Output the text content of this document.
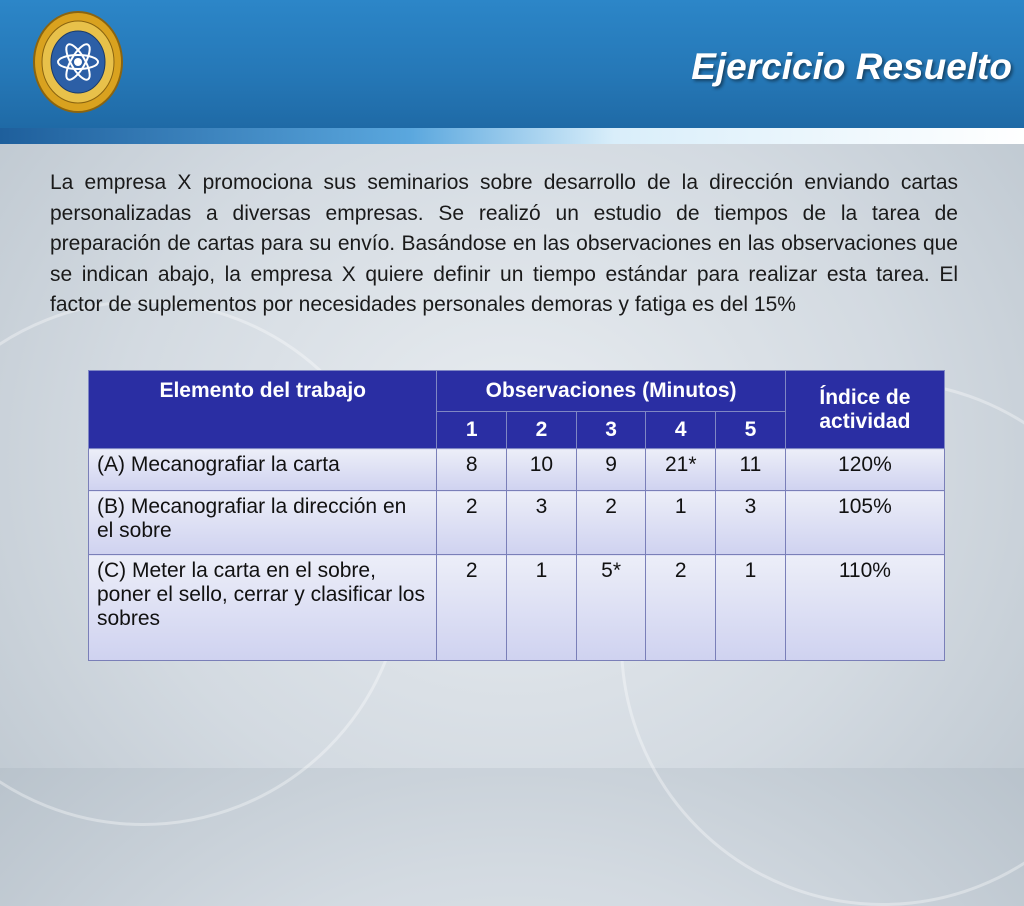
Ejercicio Resuelto
La empresa X promociona sus seminarios sobre desarrollo de la dirección enviando cartas personalizadas a diversas empresas. Se realizó un estudio de tiempos de la tarea de preparación de cartas para su envío. Basándose en las observaciones en las observaciones que se indican abajo, la empresa X quiere definir un tiempo estándar para realizar esta tarea. El factor de suplementos por necesidades personales demoras y fatiga es del 15%
Elemento del trabajo	Observaciones (Minutos)					Índice de actividad
	1	2	3	4	5	
(A) Mecanografiar la carta	8	10	9	21*	11	120%
(B) Mecanografiar la dirección en el sobre	2	3	2	1	3	105%
(C) Meter la carta en el sobre, poner el sello, cerrar y clasificar los sobres	2	1	5*	2	1	110%
